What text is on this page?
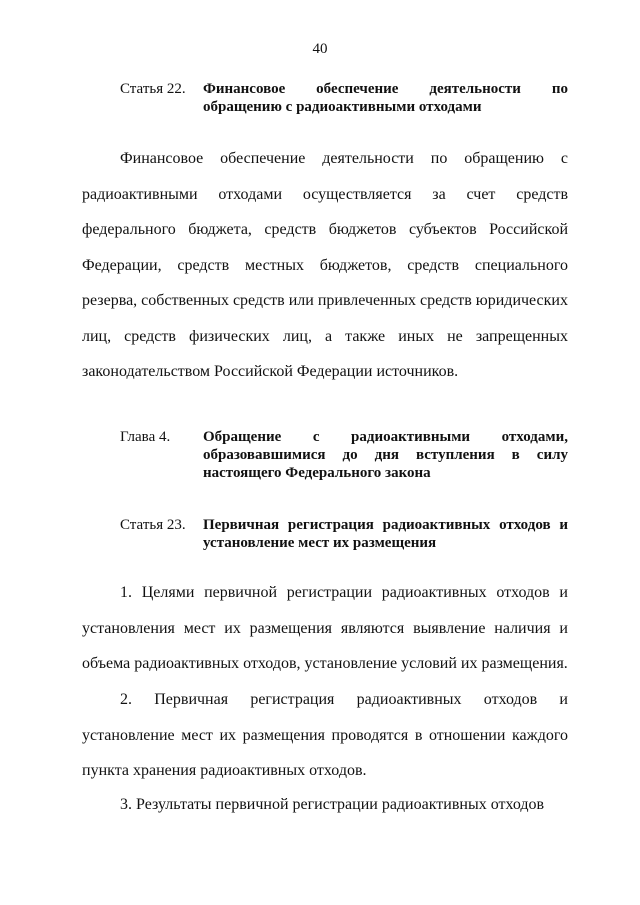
40
Статья 22. Финансовое обеспечение деятельности по обращению с радиоактивными отходами

Финансовое обеспечение деятельности по обращению с радиоактивными отходами осуществляется за счет средств федерального бюджета, средств бюджетов субъектов Российской Федерации, средств местных бюджетов, средств специального резерва, собственных средств или привлеченных средств юридических лиц, средств физических лиц, а также иных не запрещенных законодательством Российской Федерации источников.

Глава 4. Обращение с радиоактивными отходами, образовавшимися до дня вступления в силу настоящего Федерального закона
Статья 23. Первичная регистрация радиоактивных отходов и установление мест их размещения

1. Целями первичной регистрации радиоактивных отходов и установления мест их размещения являются выявление наличия и объема радиоактивных отходов, установление условий их размещения.

2. Первичная регистрация радиоактивных отходов и установление мест их размещения проводятся в отношении каждого пункта хранения радиоактивных отходов.

3. Результаты первичной регистрации радиоактивных отходов
